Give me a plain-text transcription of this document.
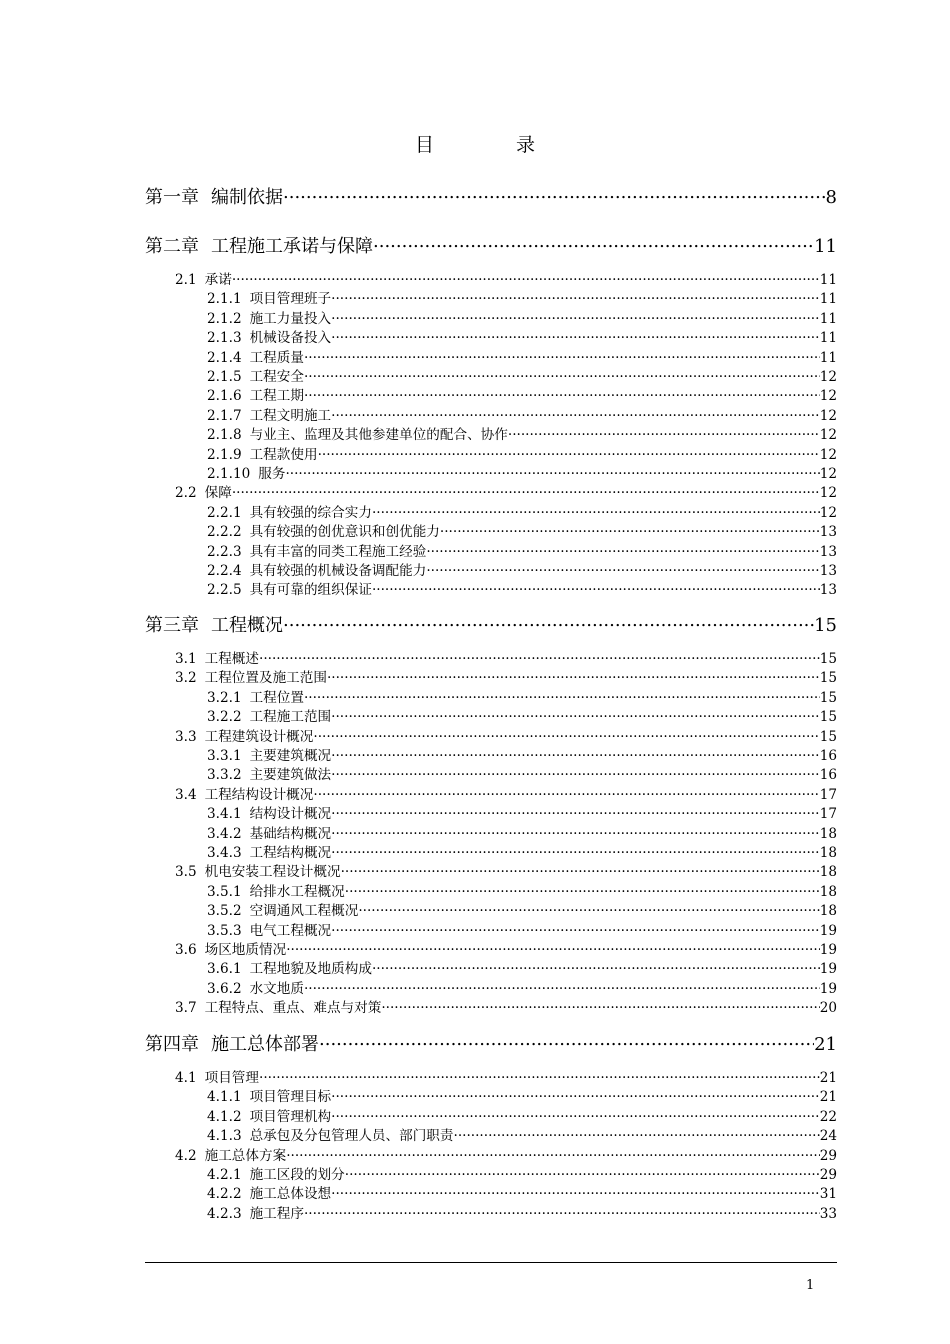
目 录
第一章 编制依据 .....	8
第二章 工程施工承诺与保障 .....	11
2.1 承诺 .....	11
2.1.1 项目管理班子 .....	11
2.1.2 施工力量投入 .....	11
2.1.3 机械设备投入 .....	11
2.1.4 工程质量 .....	11
2.1.5 工程安全 .....	12
2.1.6 工程工期 .....	12
2.1.7 工程文明施工 .....	12
2.1.8 与业主、监理及其他参建单位的配合、协作 .....	12
2.1.9 工程款使用 .....	12
2.1.10 服务 .....	12
2.2 保障 .....	12
2.2.1 具有较强的综合实力 .....	12
2.2.2 具有较强的创优意识和创优能力 .....	13
2.2.3 具有丰富的同类工程施工经验 .....	13
2.2.4 具有较强的机械设备调配能力 .....	13
2.2.5 具有可靠的组织保证 .....	13
第三章 工程概况 .....	15
3.1 工程概述 .....	15
3.2 工程位置及施工范围 .....	15
3.2.1 工程位置 .....	15
3.2.2 工程施工范围 .....	15
3.3 工程建筑设计概况 .....	15
3.3.1 主要建筑概况 .....	16
3.3.2 主要建筑做法 .....	16
3.4 工程结构设计概况 .....	17
3.4.1 结构设计概况 .....	17
3.4.2 基础结构概况 .....	18
3.4.3 工程结构概况 .....	18
3.5 机电安装工程设计概况 .....	18
3.5.1 给排水工程概况 .....	18
3.5.2 空调通风工程概况 .....	18
3.5.3 电气工程概况 .....	19
3.6 场区地质情况 .....	19
3.6.1 工程地貌及地质构成 .....	19
3.6.2 水文地质 .....	19
3.7 工程特点、重点、难点与对策 .....	20
第四章 施工总体部署 .....	21
4.1 项目管理 .....	21
4.1.1 项目管理目标 .....	21
4.1.2 项目管理机构 .....	22
4.1.3 总承包及分包管理人员、部门职责 .....	24
4.2 施工总体方案 .....	29
4.2.1 施工区段的划分 .....	29
4.2.2 施工总体设想 .....	31
4.2.3 施工程序 .....	33
1
